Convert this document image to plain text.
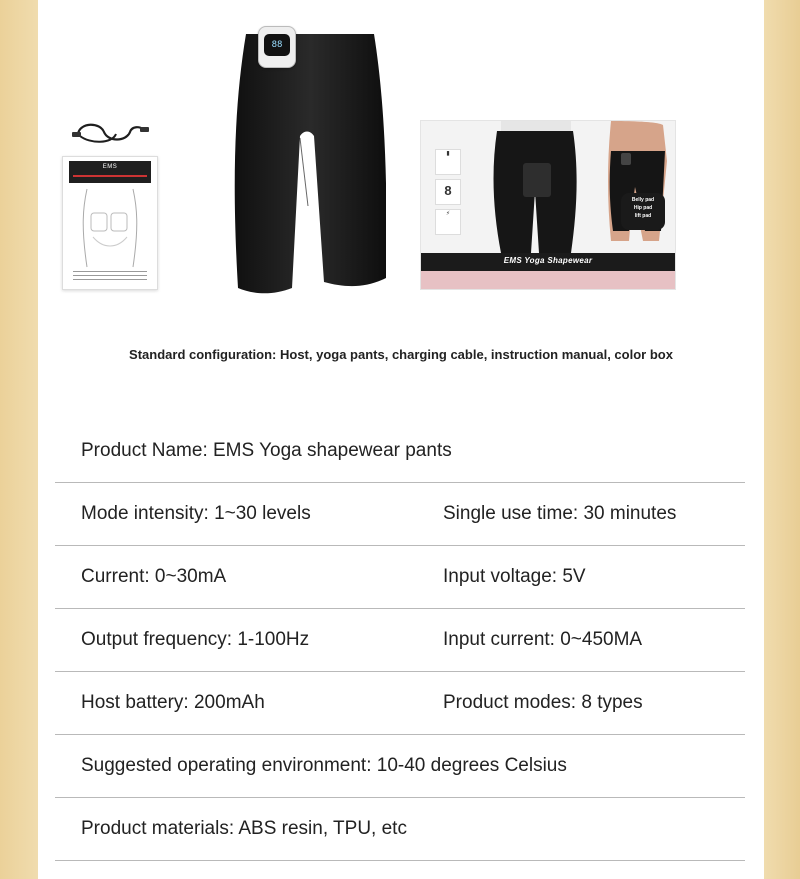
EMS
88
▮
8
⚡
Belly pad
Hip pad
lift pad
EMS Yoga Shapewear
Standard configuration: Host, yoga pants, charging cable, instruction manual, color box
Product Name: EMS Yoga shapewear pants
Mode intensity: 1~30 levels	Single use time: 30 minutes
Current: 0~30mA	Input voltage: 5V
Output frequency: 1-100Hz	Input current: 0~450MA
Host battery: 200mAh	Product modes: 8 types
Suggested operating environment: 10-40 degrees Celsius
Product materials: ABS resin, TPU, etc
